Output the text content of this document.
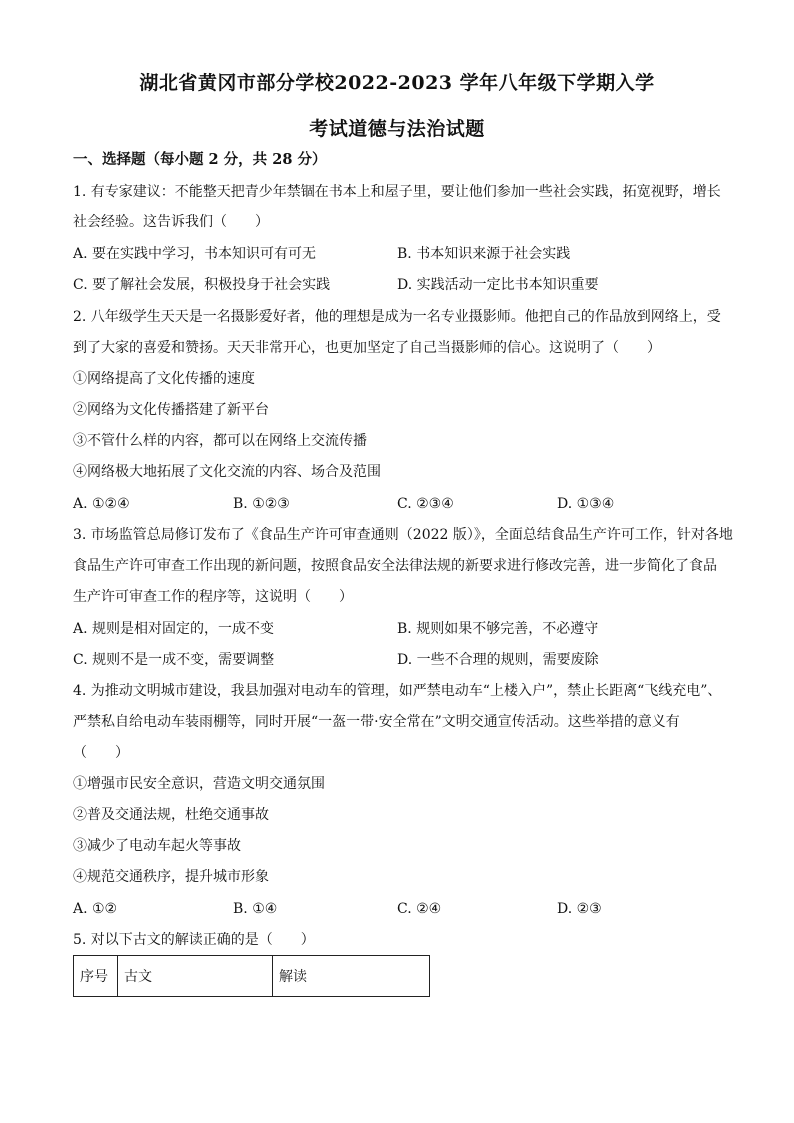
湖北省黄冈市部分学校2022-2023 学年八年级下学期入学
考试道德与法治试题
一、选择题（每小题 2 分，共 28 分）
1. 有专家建议：不能整天把青少年禁锢在书本上和屋子里，要让他们参加一些社会实践，拓宽视野，增长
社会经验。这告诉我们（　　）
A. 要在实践中学习，书本知识可有可无	B. 书本知识来源于社会实践
C. 要了解社会发展，积极投身于社会实践	D. 实践活动一定比书本知识重要
2. 八年级学生天天是一名摄影爱好者，他的理想是成为一名专业摄影师。他把自己的作品放到网络上，受
到了大家的喜爱和赞扬。天天非常开心，也更加坚定了自己当摄影师的信心。这说明了（　　）
①网络提高了文化传播的速度
②网络为文化传播搭建了新平台
③不管什么样的内容，都可以在网络上交流传播
④网络极大地拓展了文化交流的内容、场合及范围
A. ①②④	B. ①②③	C. ②③④	D. ①③④
3. 市场监管总局修订发布了《食品生产许可审查通则（2022 版）》，全面总结食品生产许可工作，针对各地
食品生产许可审查工作出现的新问题，按照食品安全法律法规的新要求进行修改完善，进一步简化了食品
生产许可审查工作的程序等，这说明（　　）
A. 规则是相对固定的，一成不变	B. 规则如果不够完善，不必遵守
C. 规则不是一成不变，需要调整	D. 一些不合理的规则，需要废除
4. 为推动文明城市建设，我县加强对电动车的管理，如严禁电动车“上楼入户”，禁止长距离“飞线充电”、
严禁私自给电动车装雨棚等，同时开展“一盔一带·安全常在”文明交通宣传活动。这些举措的意义有
（　　）
①增强市民安全意识，营造文明交通氛围
②普及交通法规，杜绝交通事故
③减少了电动车起火等事故
④规范交通秩序，提升城市形象
A. ①②	B. ①④	C. ②④	D. ②③
5. 对以下古文的解读正确的是（　　）
序号	古文	解读
